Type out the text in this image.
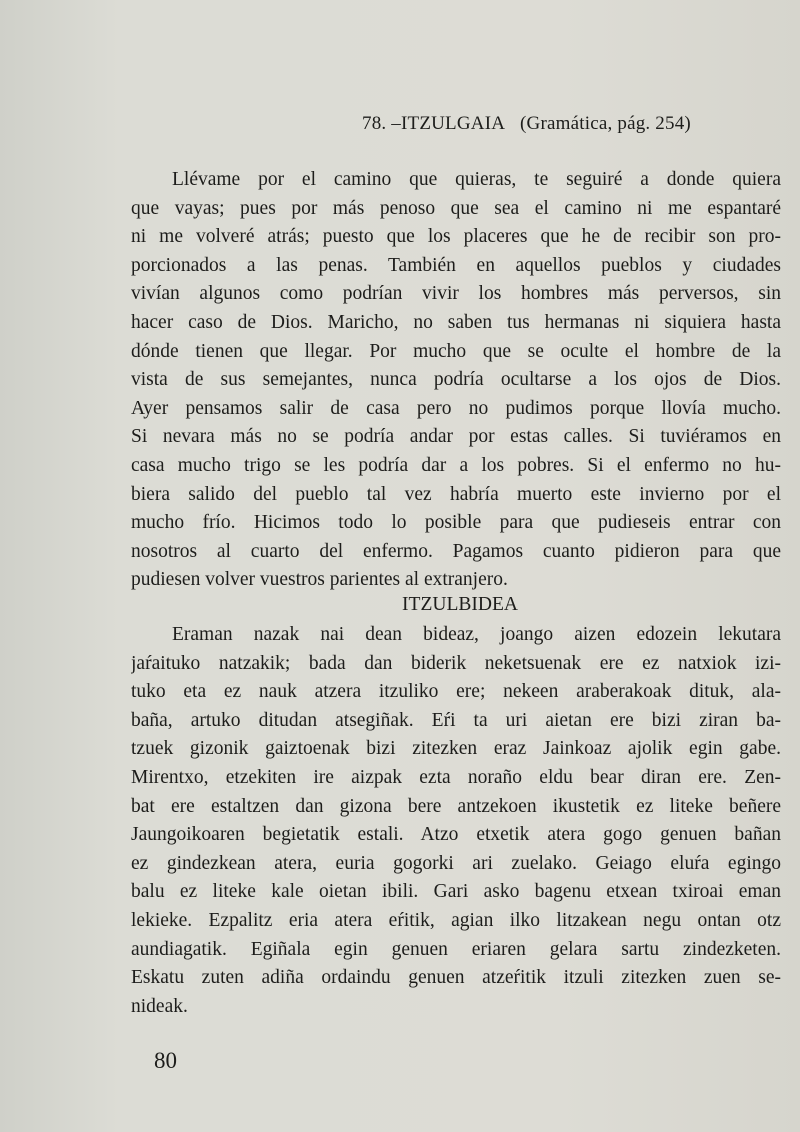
78. –ITZULGAIA (Gramática, pág. 254)
Llévame por el camino que quieras, te seguiré a donde quiera
que vayas; pues por más penoso que sea el camino ni me espantaré
ni me volveré atrás; puesto que los placeres que he de recibir son pro-
porcionados a las penas. También en aquellos pueblos y ciudades
vivían algunos como podrían vivir los hombres más perversos, sin
hacer caso de Dios. Maricho, no saben tus hermanas ni siquiera hasta
dónde tienen que llegar. Por mucho que se oculte el hombre de la
vista de sus semejantes, nunca podría ocultarse a los ojos de Dios.
Ayer pensamos salir de casa pero no pudimos porque llovía mucho.
Si nevara más no se podría andar por estas calles. Si tuviéramos en
casa mucho trigo se les podría dar a los pobres. Si el enfermo no hu-
biera salido del pueblo tal vez habría muerto este invierno por el
mucho frío. Hicimos todo lo posible para que pudieseis entrar con
nosotros al cuarto del enfermo. Pagamos cuanto pidieron para que
pudiesen volver vuestros parientes al extranjero.
ITZULBIDEA
Eraman nazak nai dean bideaz, joango aizen edozein lekutara
jaŕaituko natzakik; bada dan biderik neketsuenak ere ez natxiok izi-
tuko eta ez nauk atzera itzuliko ere; nekeen araberakoak dituk, ala-
baña, artuko ditudan atsegiñak. Eŕi ta uri aietan ere bizi ziran ba-
tzuek gizonik gaiztoenak bizi zitezken eraz Jainkoaz ajolik egin gabe.
Mirentxo, etzekiten ire aizpak ezta noraño eldu bear diran ere. Zen-
bat ere estaltzen dan gizona bere antzekoen ikustetik ez liteke beñere
Jaungoikoaren begietatik estali. Atzo etxetik atera gogo genuen bañan
ez gindezkean atera, euria gogorki ari zuelako. Geiago eluŕa egingo
balu ez liteke kale oietan ibili. Gari asko bagenu etxean txiroai eman
lekieke. Ezpalitz eria atera eŕitik, agian ilko litzakean negu ontan otz
aundiagatik. Egiñala egin genuen eriaren gelara sartu zindezketen.
Eskatu zuten adiña ordaindu genuen atzeŕitik itzuli zitezken zuen se-
nideak.
80
